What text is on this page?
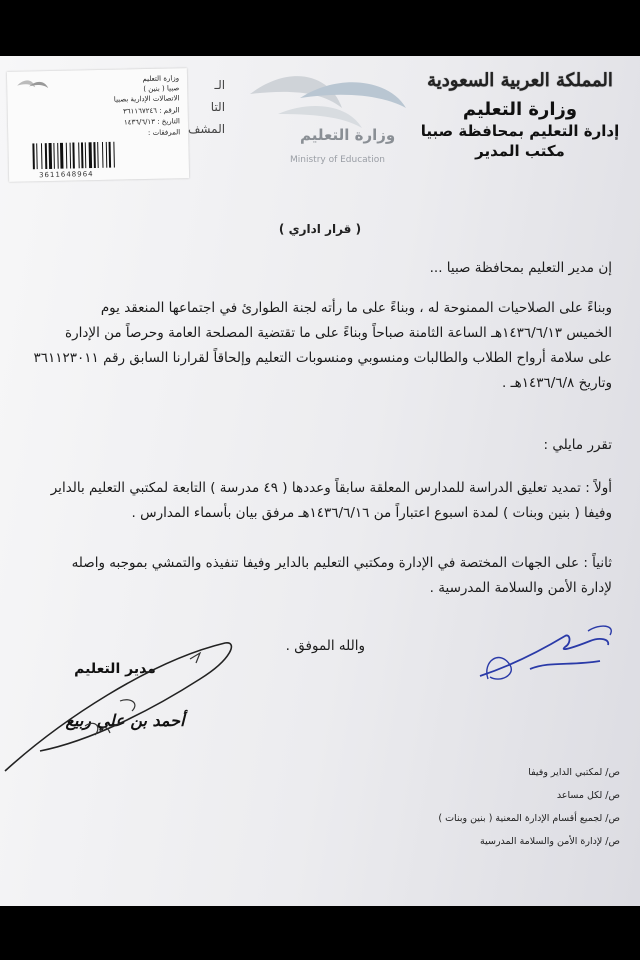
المملكة العربية السعودية
وزارة التعليم
إدارة التعليم بمحافظة صبيا
مكتب المدير
وزارة التعليم
Ministry of Education
الـ
التا
المشف
وزارة التعليم
صبيا ( بنين )
الاتصالات الإدارية بصبيا
الرقم : ٣٦١١٦٧٢٤٦
التاريخ : ١٤٣٦/٦/١٣
المرفقات :
3611648964
( قرار اداري )
إن مدير التعليم بمحافظة صبيا ...
وبناءً على الصلاحيات الممنوحة له ، وبناءً على ما رأته لجنة الطوارئ في اجتماعها المنعقد يوم
الخميس ١٤٣٦/٦/١٣هـ الساعة الثامنة صباحاً وبناءً على ما تقتضية المصلحة العامة وحرصاً من الإدارة
على سلامة أرواح الطلاب والطالبات ومنسوبي ومنسوبات التعليم وإلحاقاً لقرارنا السابق رقم ٣٦١١٢٣٠١١
وتاريخ ١٤٣٦/٦/٨هـ .
تقرر مايلي :
أولاً : تمديد تعليق الدراسة للمدارس المعلقة سابقاً وعددها ( ٤٩ مدرسة ) التابعة لمكتبي التعليم بالداير
وفيفا ( بنين وبنات ) لمدة اسبوع اعتباراً من ١٤٣٦/٦/١٦هـ مرفق بيان بأسماء المدارس .
ثانياً : على الجهات المختصة في الإدارة ومكتبي التعليم بالداير وفيفا تنفيذه والتمشي بموجبه واصله
لإدارة الأمن والسلامة المدرسية .
والله الموفق .
مدير التعليم
أحمد بن علي ربيع
ص/ لمكتبي الداير وفيفا
ص/ لكل مساعد
ص/ لجميع أقسام الإدارة المعنية ( بنين وبنات )
ص/ لإدارة الأمن والسلامة المدرسية
